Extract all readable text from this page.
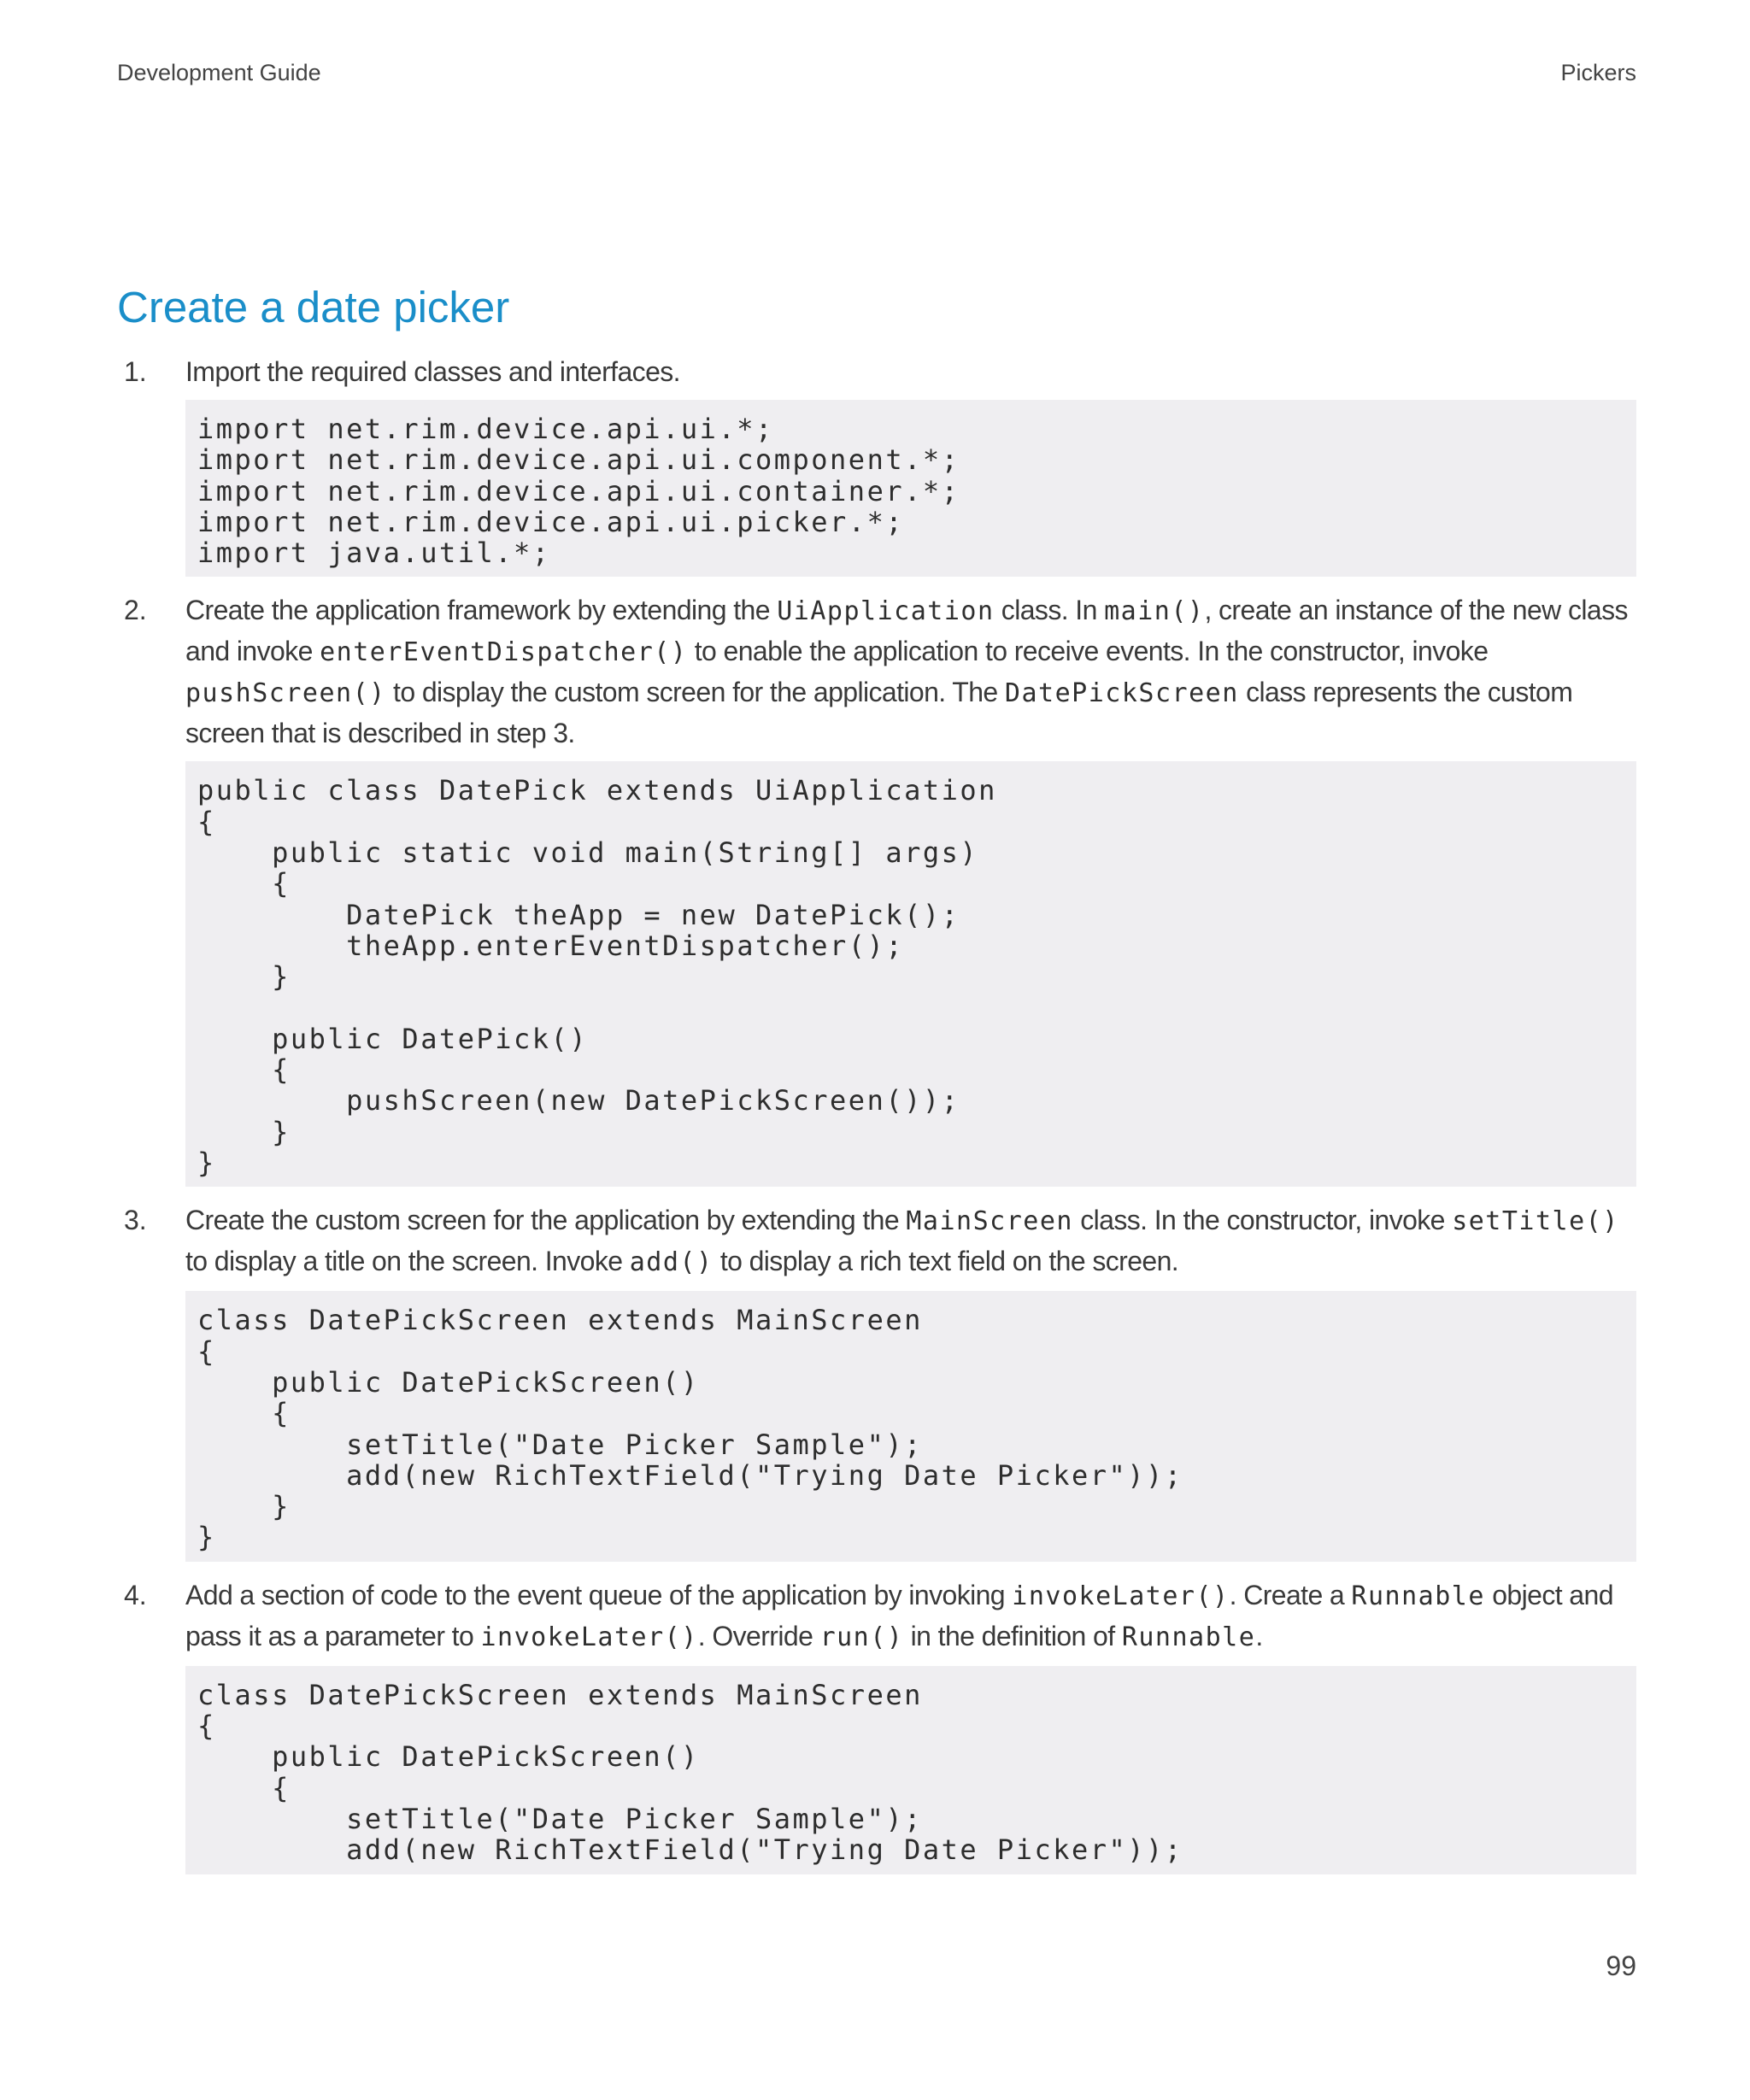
Development Guide	Pickers
Create a date picker
1. Import the required classes and interfaces.
import net.rim.device.api.ui.*;
import net.rim.device.api.ui.component.*;
import net.rim.device.api.ui.container.*;
import net.rim.device.api.ui.picker.*;
import java.util.*;
2. Create the application framework by extending the UiApplication class. In main(), create an instance of the new class and invoke enterEventDispatcher() to enable the application to receive events. In the constructor, invoke pushScreen() to display the custom screen for the application. The DatePickScreen class represents the custom screen that is described in step 3.
public class DatePick extends UiApplication
{
public static void main(String[] args)
{
DatePick theApp = new DatePick();
theApp.enterEventDispatcher();
}

public DatePick()
{
pushScreen(new DatePickScreen());
}
}
3. Create the custom screen for the application by extending the MainScreen class. In the constructor, invoke setTitle() to display a title on the screen. Invoke add() to display a rich text field on the screen.
class DatePickScreen extends MainScreen
{
public DatePickScreen()
{
setTitle("Date Picker Sample");
add(new RichTextField("Trying Date Picker"));
}
}
4. Add a section of code to the event queue of the application by invoking invokeLater(). Create a Runnable object and pass it as a parameter to invokeLater(). Override run() in the definition of Runnable.
class DatePickScreen extends MainScreen
{
public DatePickScreen()
{
setTitle("Date Picker Sample");
add(new RichTextField("Trying Date Picker"));
99
